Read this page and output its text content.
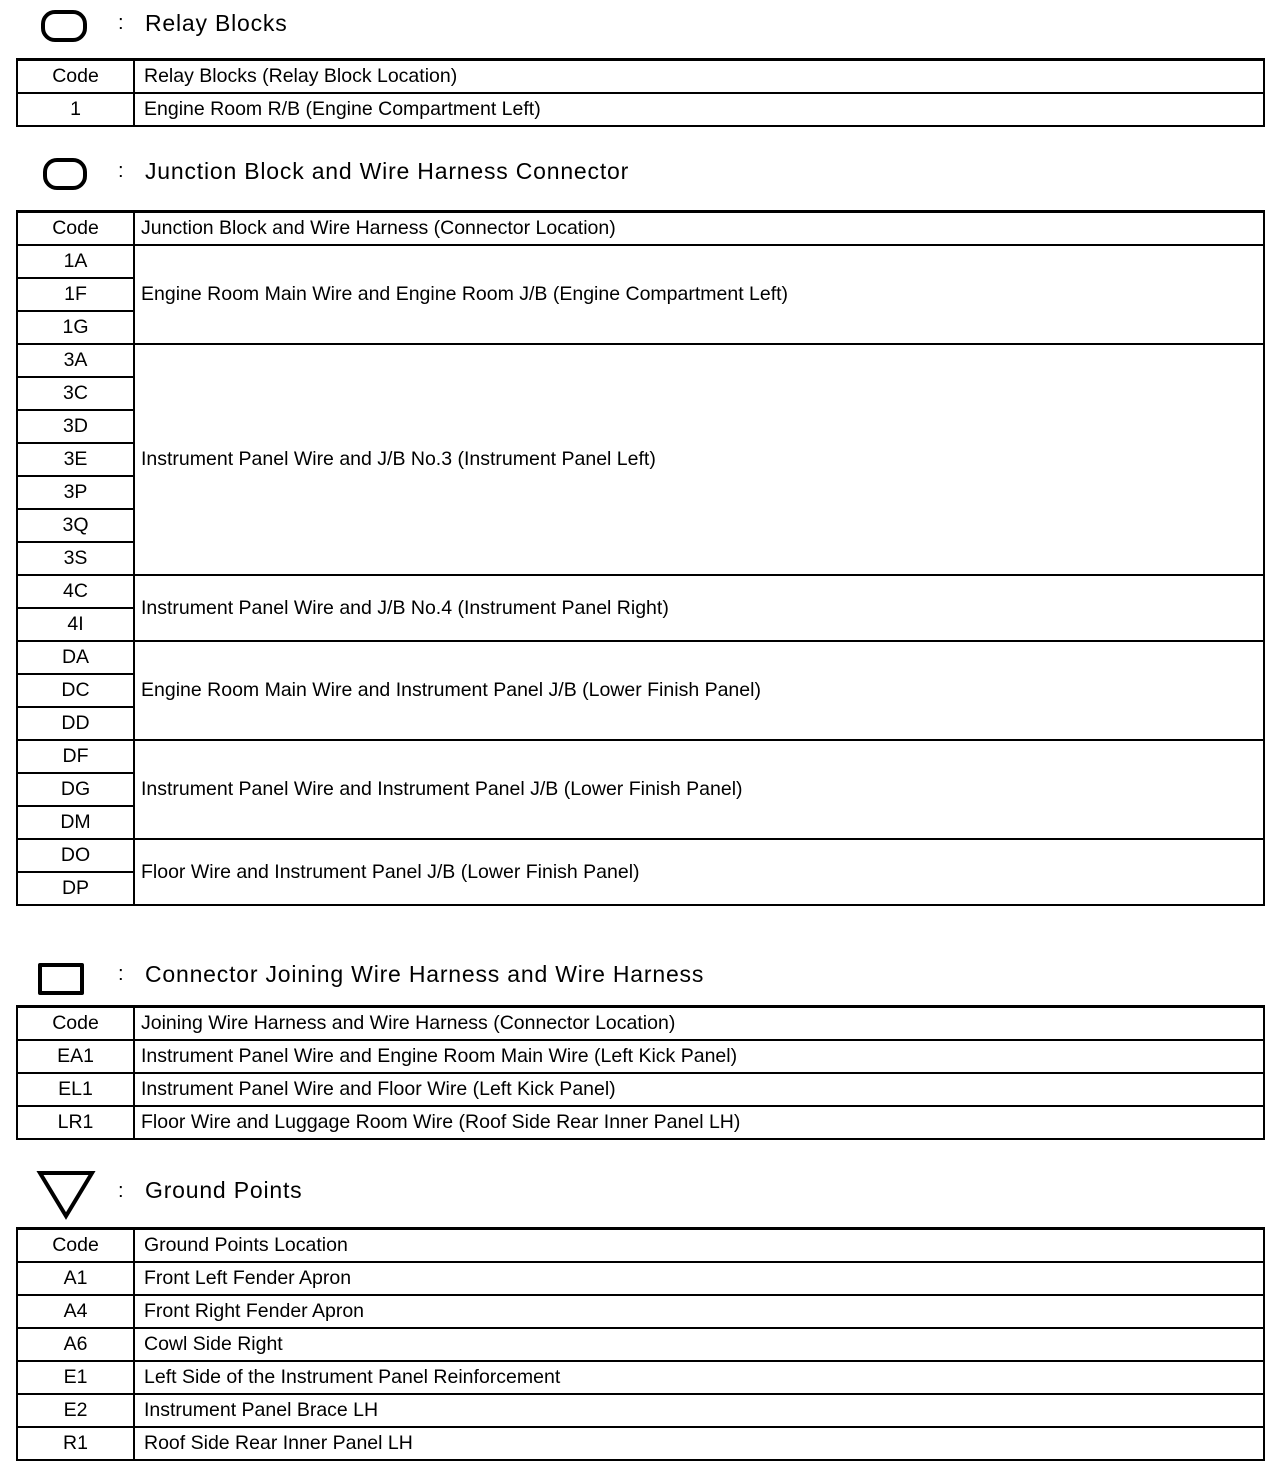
: Relay Blocks
Code	Relay Blocks (Relay Block Location)
1	Engine Room R/B (Engine Compartment Left)
: Junction Block and Wire Harness Connector
Code	Junction Block and Wire Harness (Connector Location)
1A	Engine Room Main Wire and Engine Room J/B (Engine Compartment Left)
1F	
1G	
3A	Instrument Panel Wire and J/B No.3 (Instrument Panel Left)
3C	
3D	
3E	
3P	
3Q	
3S	
4C	Instrument Panel Wire and J/B No.4 (Instrument Panel Right)
4I	
DA	Engine Room Main Wire and Instrument Panel J/B (Lower Finish Panel)
DC	
DD	
DF	Instrument Panel Wire and Instrument Panel J/B (Lower Finish Panel)
DG	
DM	
DO	Floor Wire and Instrument Panel J/B (Lower Finish Panel)
DP	
: Connector Joining Wire Harness and Wire Harness
Code	Joining Wire Harness and Wire Harness (Connector Location)
EA1	Instrument Panel Wire and Engine Room Main Wire (Left Kick Panel)
EL1	Instrument Panel Wire and Floor Wire (Left Kick Panel)
LR1	Floor Wire and Luggage Room Wire (Roof Side Rear Inner Panel LH)
: Ground Points
Code	Ground Points Location
A1	Front Left Fender Apron
A4	Front Right Fender Apron
A6	Cowl Side Right
E1	Left Side of the Instrument Panel Reinforcement
E2	Instrument Panel Brace LH
R1	Roof Side Rear Inner Panel LH
